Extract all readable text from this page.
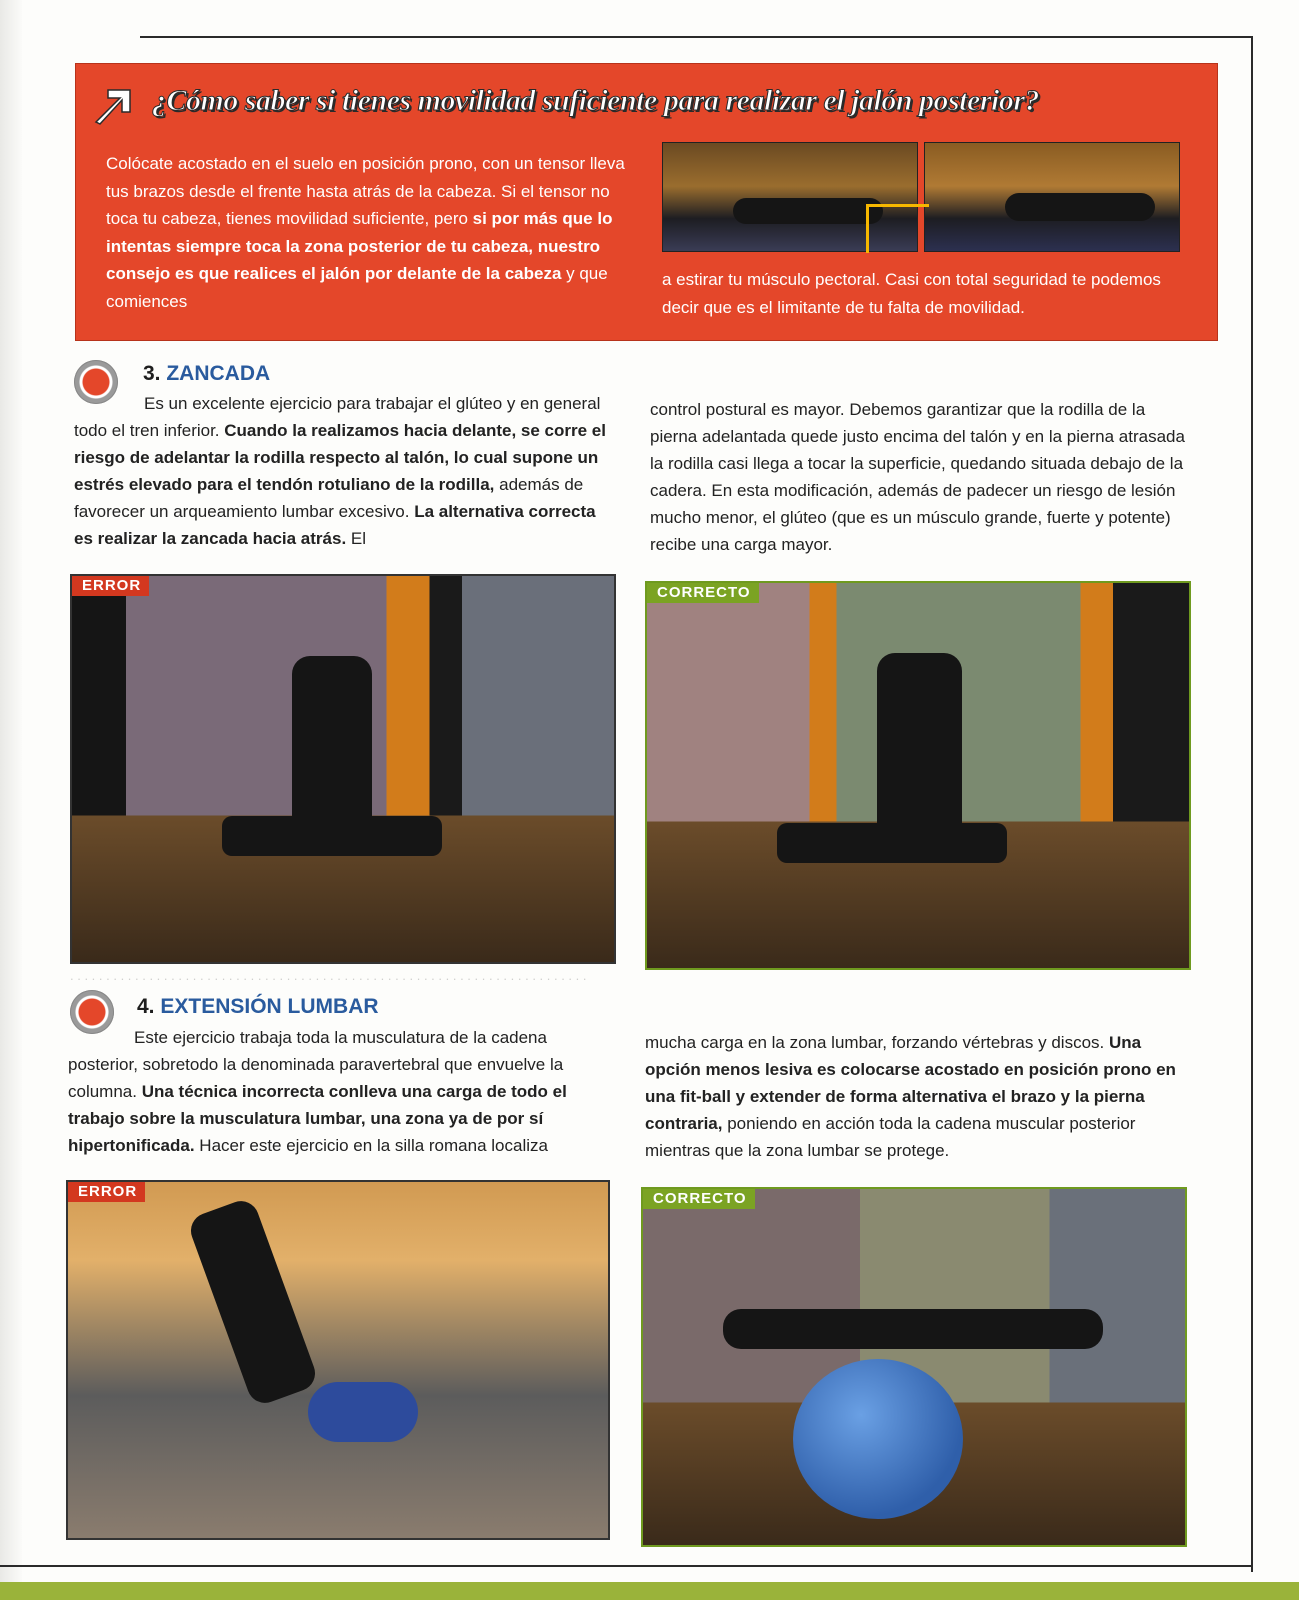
¿Cómo saber si tienes movilidad suficiente para realizar el jalón posterior?

Colócate acostado en el suelo en posición prono, con un tensor lleva tus brazos desde el frente hasta atrás de la cabeza. Si el tensor no toca tu cabeza, tienes movilidad suficiente, pero si por más que lo intentas siempre toca la zona posterior de tu cabeza, nuestro consejo es que realices el jalón por delante de la cabeza y que comiences

a estirar tu músculo pectoral. Casi con total seguridad te podemos decir que es el limitante de tu falta de movilidad.

3. ZANCADA

Es un excelente ejercicio para trabajar el glúteo y en general todo el tren inferior. Cuando la realizamos hacia delante, se corre el riesgo de adelantar la rodilla respecto al talón, lo cual supone un estrés elevado para el tendón rotuliano de la rodilla, además de favorecer un arqueamiento lumbar excesivo. La alternativa correcta es realizar la zancada hacia atrás. El

control postural es mayor. Debemos garantizar que la rodilla de la pierna adelantada quede justo encima del talón y en la pierna atrasada la rodilla casi llega a tocar la superficie, quedando situada debajo de la cadera. En esta modificación, además de padecer un riesgo de lesión mucho menor, el glúteo (que es un músculo grande, fuerte y potente) recibe una carga mayor.

ERROR	CORRECTO
. . . . . . . . . . . . . . . . . . . . . . . . . . . . . . . . . . . . . . . . . . . . . . . . . . . . . . . . . . . . . . . . . . . . . . . .
4. EXTENSIÓN LUMBAR

Este ejercicio trabaja toda la musculatura de la cadena posterior, sobretodo la denominada paravertebral que envuelve la columna. Una técnica incorrecta conlleva una carga de todo el trabajo sobre la musculatura lumbar, una zona ya de por sí hipertonificada. Hacer este ejercicio en la silla romana localiza

mucha carga en la zona lumbar, forzando vértebras y discos. Una opción menos lesiva es colocarse acostado en posición prono en una fit-ball y extender de forma alternativa el brazo y la pierna contraria, poniendo en acción toda la cadena muscular posterior mientras que la zona lumbar se protege.

ERROR	CORRECTO
